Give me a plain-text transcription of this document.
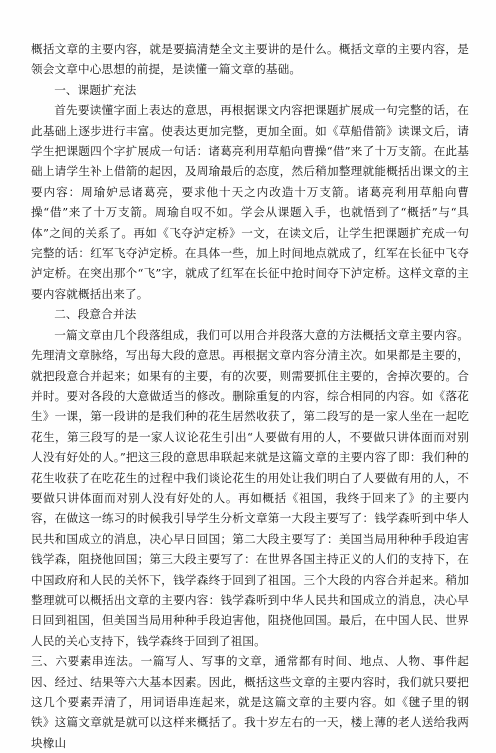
概括文章的主要内容，就是要搞清楚全文主要讲的是什么。概括文章的主要内容，是领会文章中心思想的前提，是读懂一篇文章的基础。

一、课题扩充法

首先要读懂字面上表达的意思，再根据课文内容把课题扩展成一句完整的话，在此基础上逐步进行丰富。使表达更加完整，更加全面。如《草船借箭》读课文后，请学生把课题四个字扩展成一句话：诸葛亮利用草船向曹操“借”来了十万支箭。在此基础上请学生补上借箭的起因，及周瑜最后的态度，然后稍加整理就能概括出课文的主要内容：周瑜妒忌诸葛亮，要求他十天之内改造十万支箭。诸葛亮利用草船向曹操“借”来了十万支箭。周瑜自叹不如。学会从课题入手，也就悟到了“概括”与“具体”之间的关系了。再如《飞夺泸定桥》一文，在读文后，让学生把课题扩充成一句完整的话：红军飞夺泸定桥。在具体一些，加上时间地点就成了，红军在长征中飞夺泸定桥。在突出那个“飞”字，就成了红军在长征中抢时间夺下泸定桥。这样文章的主要内容就概括出来了。

二、段意合并法

一篇文章由几个段落组成，我们可以用合并段落大意的方法概括文章主要内容。先理清文章脉络，写出每大段的意思。再根据文章内容分清主次。如果都是主要的，就把段意合并起来；如果有的主要，有的次要，则需要抓住主要的，舍掉次要的。合并时。要对各段的大意做适当的修改。删除重复的内容，综合相同的内容。如《落花生》一课，第一段讲的是我们种的花生居然收获了，第二段写的是一家人坐在一起吃花生，第三段写的是一家人议论花生引出“人要做有用的人，不要做只讲体面而对别人没有好处的人。”把这三段的意思串联起来就是这篇文章的主要内容了即：我们种的花生收获了在吃花生的过程中我们谈论花生的用处让我们明白了人要做有用的人，不要做只讲体面而对别人没有好处的人。再如概括《祖国，我终于回来了》的主要内容，在做这一练习的时候我引导学生分析文章第一大段主要写了：钱学森听到中华人民共和国成立的消息，决心早日回国；第二大段主要写了：美国当局用种种手段迫害钱学森，阻挠他回国；第三大段主要写了：在世界各国主持正义的人们的支持下，在中国政府和人民的关怀下，钱学森终于回到了祖国。三个大段的内容合并起来。稍加整理就可以概括出文章的主要内容：钱学森听到中华人民共和国成立的消息，决心早日回到祖国，但美国当局用种种手段迫害他，阻挠他回国。最后，在中国人民、世界人民的关心支持下，钱学森终于回到了祖国。

三、六要素串连法。一篇写人、写事的文章，通常都有时间、地点、人物、事件起因、经过、结果等六大基本因素。因此，概括这些文章的主要内容时，我们就只要把这几个要素弄清了，用词语串连起来，就是这篇文章的主要内容。如《毽子里的钢铁》这篇文章就是就可以这样来概括了。我十岁左右的一天，楼上薄的老人送给我两块橡山
